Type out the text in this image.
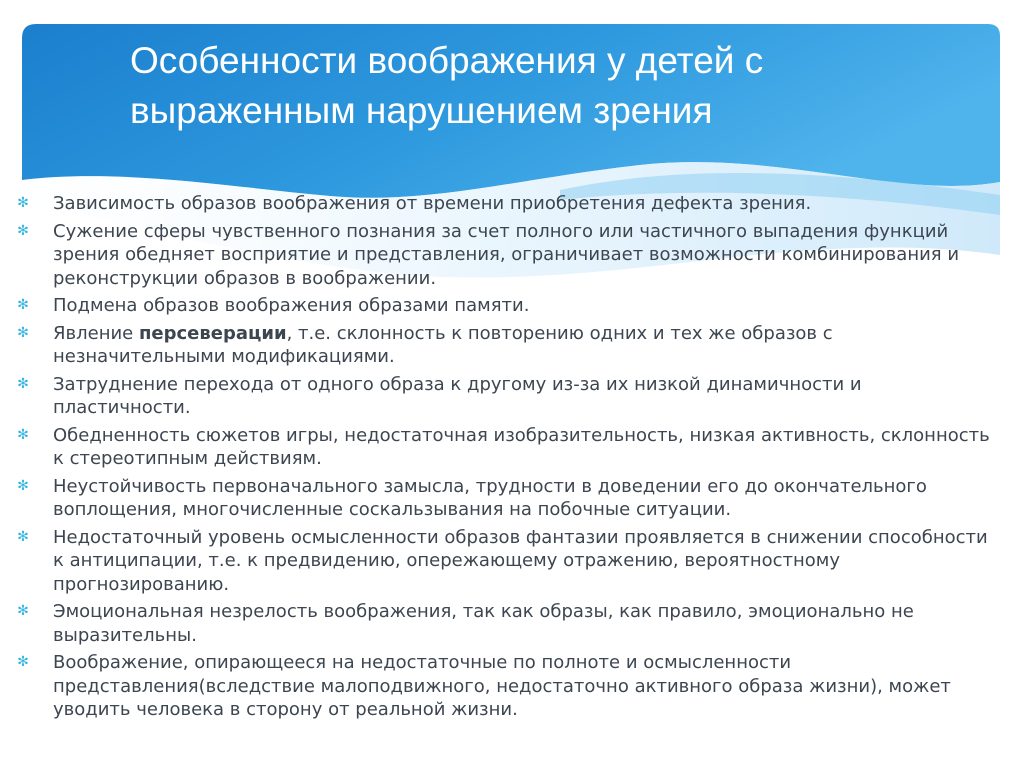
Особенности воображения у детей с выраженным нарушением зрения
✻ Зависимость образов воображения от времени приобретения дефекта зрения.
✻ Сужение сферы чувственного познания за счет полного или частичного выпадения функций зрения обедняет восприятие и представления, ограничивает возможности комбинирования и реконструкции образов в воображении.
✻ Подмена образов воображения образами памяти.
✻ Явление персеверации, т.е. склонность к повторению одних и тех же образов с незначительными модификациями.
✻ Затруднение перехода от одного образа к другому из-за их низкой динамичности и пластичности.
✻ Обедненность сюжетов игры, недостаточная изобразительность, низкая активность, склонность к стереотипным действиям.
✻ Неустойчивость первоначального замысла, трудности в доведении его до окончательного воплощения, многочисленные соскальзывания на побочные ситуации.
✻ Недостаточный уровень осмысленности образов фантазии проявляется в снижении способности к антиципации, т.е. к предвидению, опережающему отражению, вероятностному прогнозированию.
✻ Эмоциональная незрелость воображения, так как образы, как правило, эмоционально не выразительны.
✻ Воображение, опирающееся на недостаточные по полноте и осмысленности представления(вследствие малоподвижного, недостаточно активного образа жизни), может уводить человека в сторону от реальной жизни.
